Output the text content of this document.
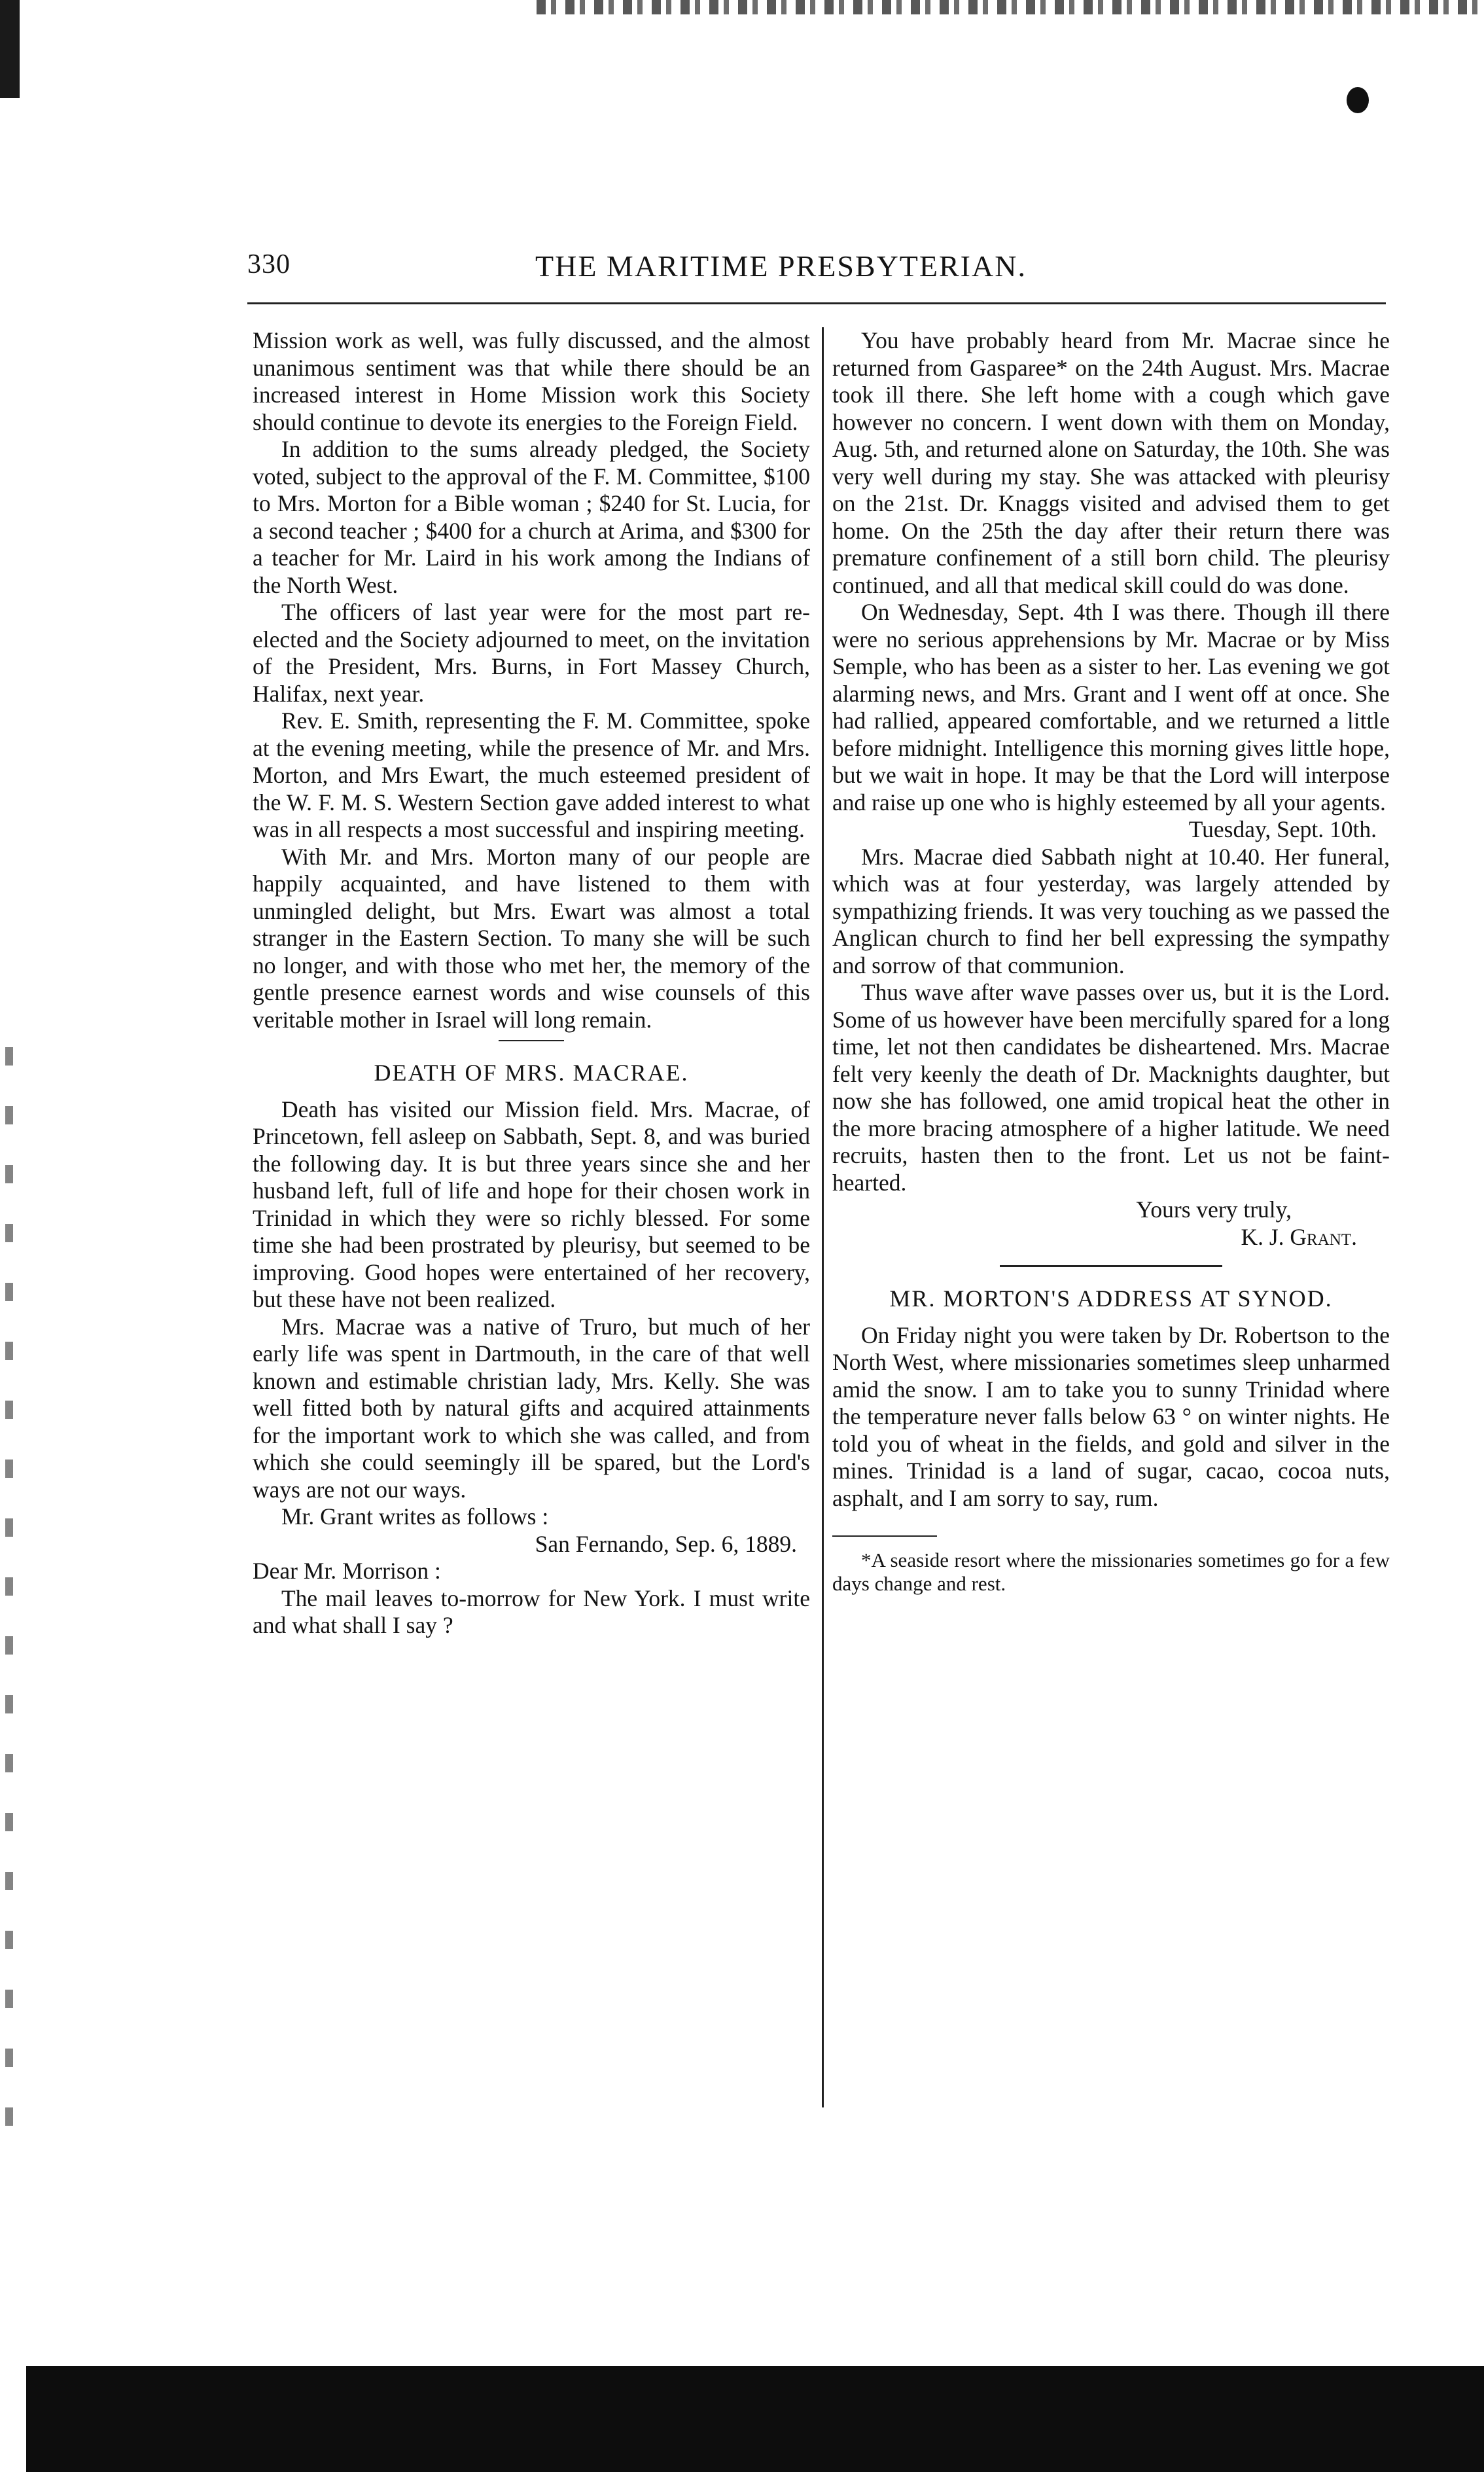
330	THE MARITIME PRESBYTERIAN.

Mission work as well, was fully discussed, and the almost unanimous sentiment was that while there should be an increased interest in Home Mission work this Society should continue to devote its energies to the Foreign Field.

In addition to the sums already pledged, the Society voted, subject to the approval of the F. M. Committee, $100 to Mrs. Morton for a Bible woman ; $240 for St. Lucia, for a second teacher ; $400 for a church at Arima, and $300 for a teacher for Mr. Laird in his work among the Indians of the North West.

The officers of last year were for the most part re-elected and the Society adjourned to meet, on the invitation of the President, Mrs. Burns, in Fort Massey Church, Halifax, next year.

Rev. E. Smith, representing the F. M. Committee, spoke at the evening meeting, while the presence of Mr. and Mrs. Morton, and Mrs Ewart, the much esteemed president of the W. F. M. S. Western Section gave added interest to what was in all respects a most successful and inspiring meeting.

With Mr. and Mrs. Morton many of our people are happily acquainted, and have listened to them with unmingled delight, but Mrs. Ewart was almost a total stranger in the Eastern Section. To many she will be such no longer, and with those who met her, the memory of the gentle presence earnest words and wise counsels of this veritable mother in Israel will long remain.

DEATH OF MRS. MACRAE.

Death has visited our Mission field. Mrs. Macrae, of Princetown, fell asleep on Sabbath, Sept. 8, and was buried the following day. It is but three years since she and her husband left, full of life and hope for their chosen work in Trinidad in which they were so richly blessed. For some time she had been prostrated by pleurisy, but seemed to be improving. Good hopes were entertained of her recovery, but these have not been realized.

Mrs. Macrae was a native of Truro, but much of her early life was spent in Dartmouth, in the care of that well known and estimable christian lady, Mrs. Kelly. She was well fitted both by natural gifts and acquired attainments for the important work to which she was called, and from which she could seemingly ill be spared, but the Lord's ways are not our ways.

Mr. Grant writes as follows :

San Fernando, Sep. 6, 1889.

Dear Mr. Morrison :

The mail leaves to-morrow for New York. I must write and what shall I say ?

You have probably heard from Mr. Macrae since he returned from Gasparee* on the 24th August. Mrs. Macrae took ill there. She left home with a cough which gave however no concern. I went down with them on Monday, Aug. 5th, and returned alone on Saturday, the 10th. She was very well during my stay. She was attacked with pleurisy on the 21st. Dr. Knaggs visited and advised them to get home. On the 25th the day after their return there was premature confinement of a still born child. The pleurisy continued, and all that medical skill could do was done.

On Wednesday, Sept. 4th I was there. Though ill there were no serious apprehensions by Mr. Macrae or by Miss Semple, who has been as a sister to her. Las evening we got alarming news, and Mrs. Grant and I went off at once. She had rallied, appeared comfortable, and we returned a little before midnight. Intelligence this morning gives little hope, but we wait in hope. It may be that the Lord will interpose and raise up one who is highly esteemed by all your agents.

Tuesday, Sept. 10th.

Mrs. Macrae died Sabbath night at 10.40. Her funeral, which was at four yesterday, was largely attended by sympathizing friends. It was very touching as we passed the Anglican church to find her bell expressing the sympathy and sorrow of that communion.

Thus wave after wave passes over us, but it is the Lord. Some of us however have been mercifully spared for a long time, let not then candidates be disheartened. Mrs. Macrae felt very keenly the death of Dr. Macknights daughter, but now she has followed, one amid tropical heat the other in the more bracing atmosphere of a higher latitude. We need recruits, hasten then to the front. Let us not be faint-hearted.

Yours very truly,

K. J. Grant.

MR. MORTON'S ADDRESS AT SYNOD.

On Friday night you were taken by Dr. Robertson to the North West, where missionaries sometimes sleep unharmed amid the snow. I am to take you to sunny Trinidad where the temperature never falls below 63 ° on winter nights. He told you of wheat in the fields, and gold and silver in the mines. Trinidad is a land of sugar, cacao, cocoa nuts, asphalt, and I am sorry to say, rum.

*A seaside resort where the missionaries sometimes go for a few days change and rest.
